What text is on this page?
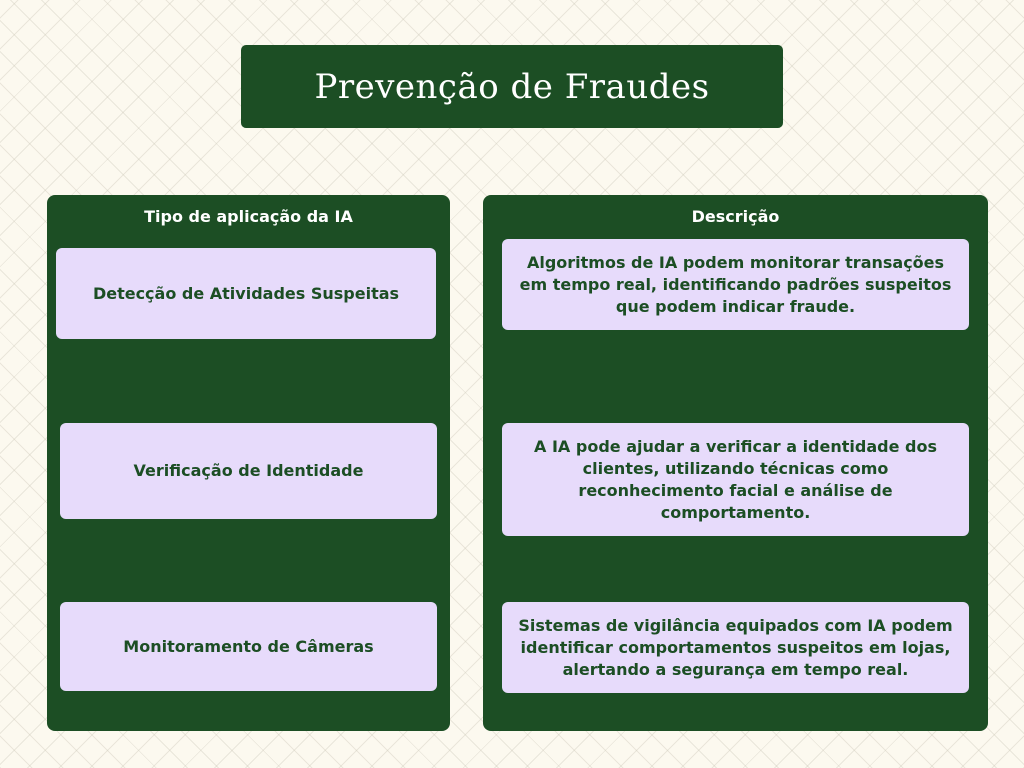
Prevenção de Fraudes
Tipo de aplicação da IA	Descrição
Detecção de Atividades Suspeitas
Verificação de Identidade
Monitoramento de Câmeras
Algoritmos de IA podem monitorar transações em tempo real, identificando padrões suspeitos que podem indicar fraude.
A IA pode ajudar a verificar a identidade dos clientes, utilizando técnicas como reconhecimento facial e análise de comportamento.
Sistemas de vigilância equipados com IA podem identificar comportamentos suspeitos em lojas, alertando a segurança em tempo real.
